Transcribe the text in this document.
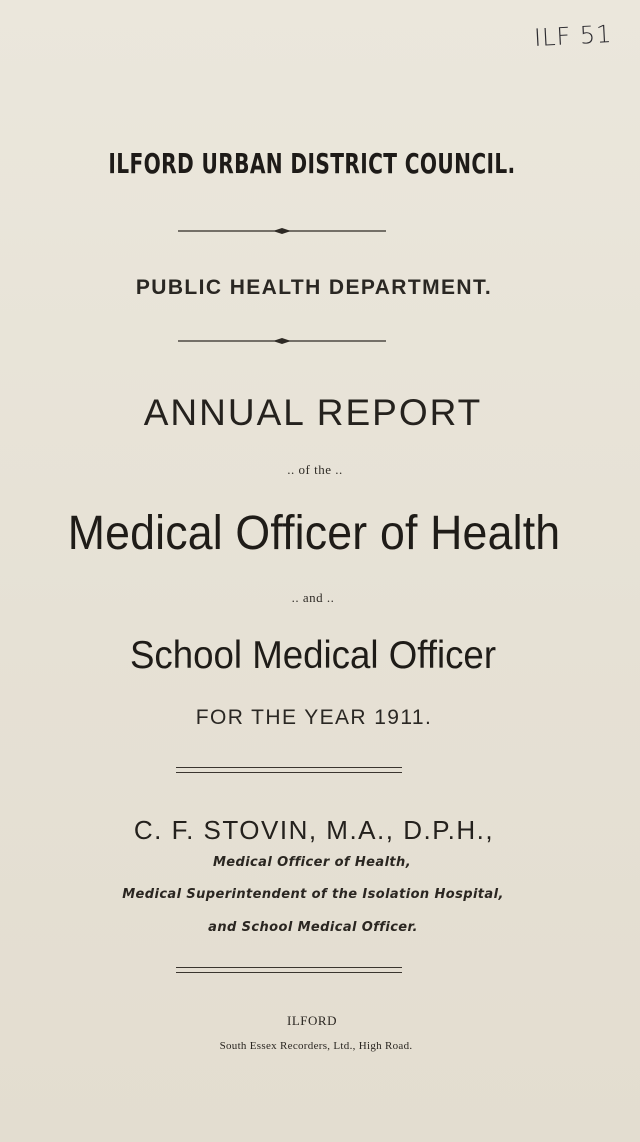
ILF 51
ILFORD URBAN DISTRICT COUNCIL.
PUBLIC HEALTH DEPARTMENT.
ANNUAL REPORT
.. of the ..
Medical Officer of Health
.. and ..
School Medical Officer
FOR THE YEAR 1911.
C. F. STOVIN, M.A., D.P.H.,
Medical Officer of Health,
Medical Superintendent of the Isolation Hospital,
and School Medical Officer.
ILFORD
South Essex Recorders, Ltd., High Road.
